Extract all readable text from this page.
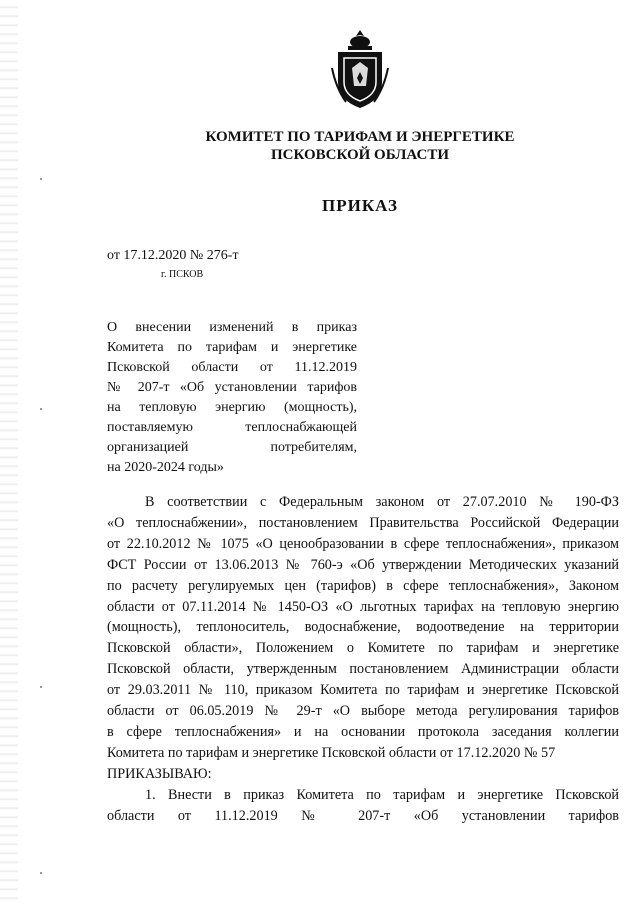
КОМИТЕТ ПО ТАРИФАМ И ЭНЕРГЕТИКЕ
ПСКОВСКОЙ ОБЛАСТИ
ПРИКАЗ
от 17.12.2020 № 276-т
г. ПСКОВ
О внесении изменений в приказ
Комитета по тарифам и энергетике
Псковской области от 11.12.2019
№ 207-т «Об установлении тарифов
на тепловую энергию (мощность),
поставляемую теплоснабжающей
организацией потребителям,
на 2020-2024 годы»
В соответствии с Федеральным законом от 27.07.2010 № 190-ФЗ
«О теплоснабжении», постановлением Правительства Российской Федерации
от 22.10.2012 № 1075 «О ценообразовании в сфере теплоснабжения», приказом
ФСТ России от 13.06.2013 № 760-э «Об утверждении Методических указаний
по расчету регулируемых цен (тарифов) в сфере теплоснабжения», Законом
области от 07.11.2014 № 1450-ОЗ «О льготных тарифах на тепловую энергию
(мощность), теплоноситель, водоснабжение, водоотведение на территории
Псковской области», Положением о Комитете по тарифам и энергетике
Псковской области, утвержденным постановлением Администрации области
от 29.03.2011 № 110, приказом Комитета по тарифам и энергетике Псковской
области от 06.05.2019 № 29-т «О выборе метода регулирования тарифов
в сфере теплоснабжения» и на основании протокола заседания коллегии
Комитета по тарифам и энергетике Псковской области от 17.12.2020 № 57
ПРИКАЗЫВАЮ:
1. Внести в приказ Комитета по тарифам и энергетике Псковской
области от 11.12.2019 № 207-т «Об установлении тарифов
